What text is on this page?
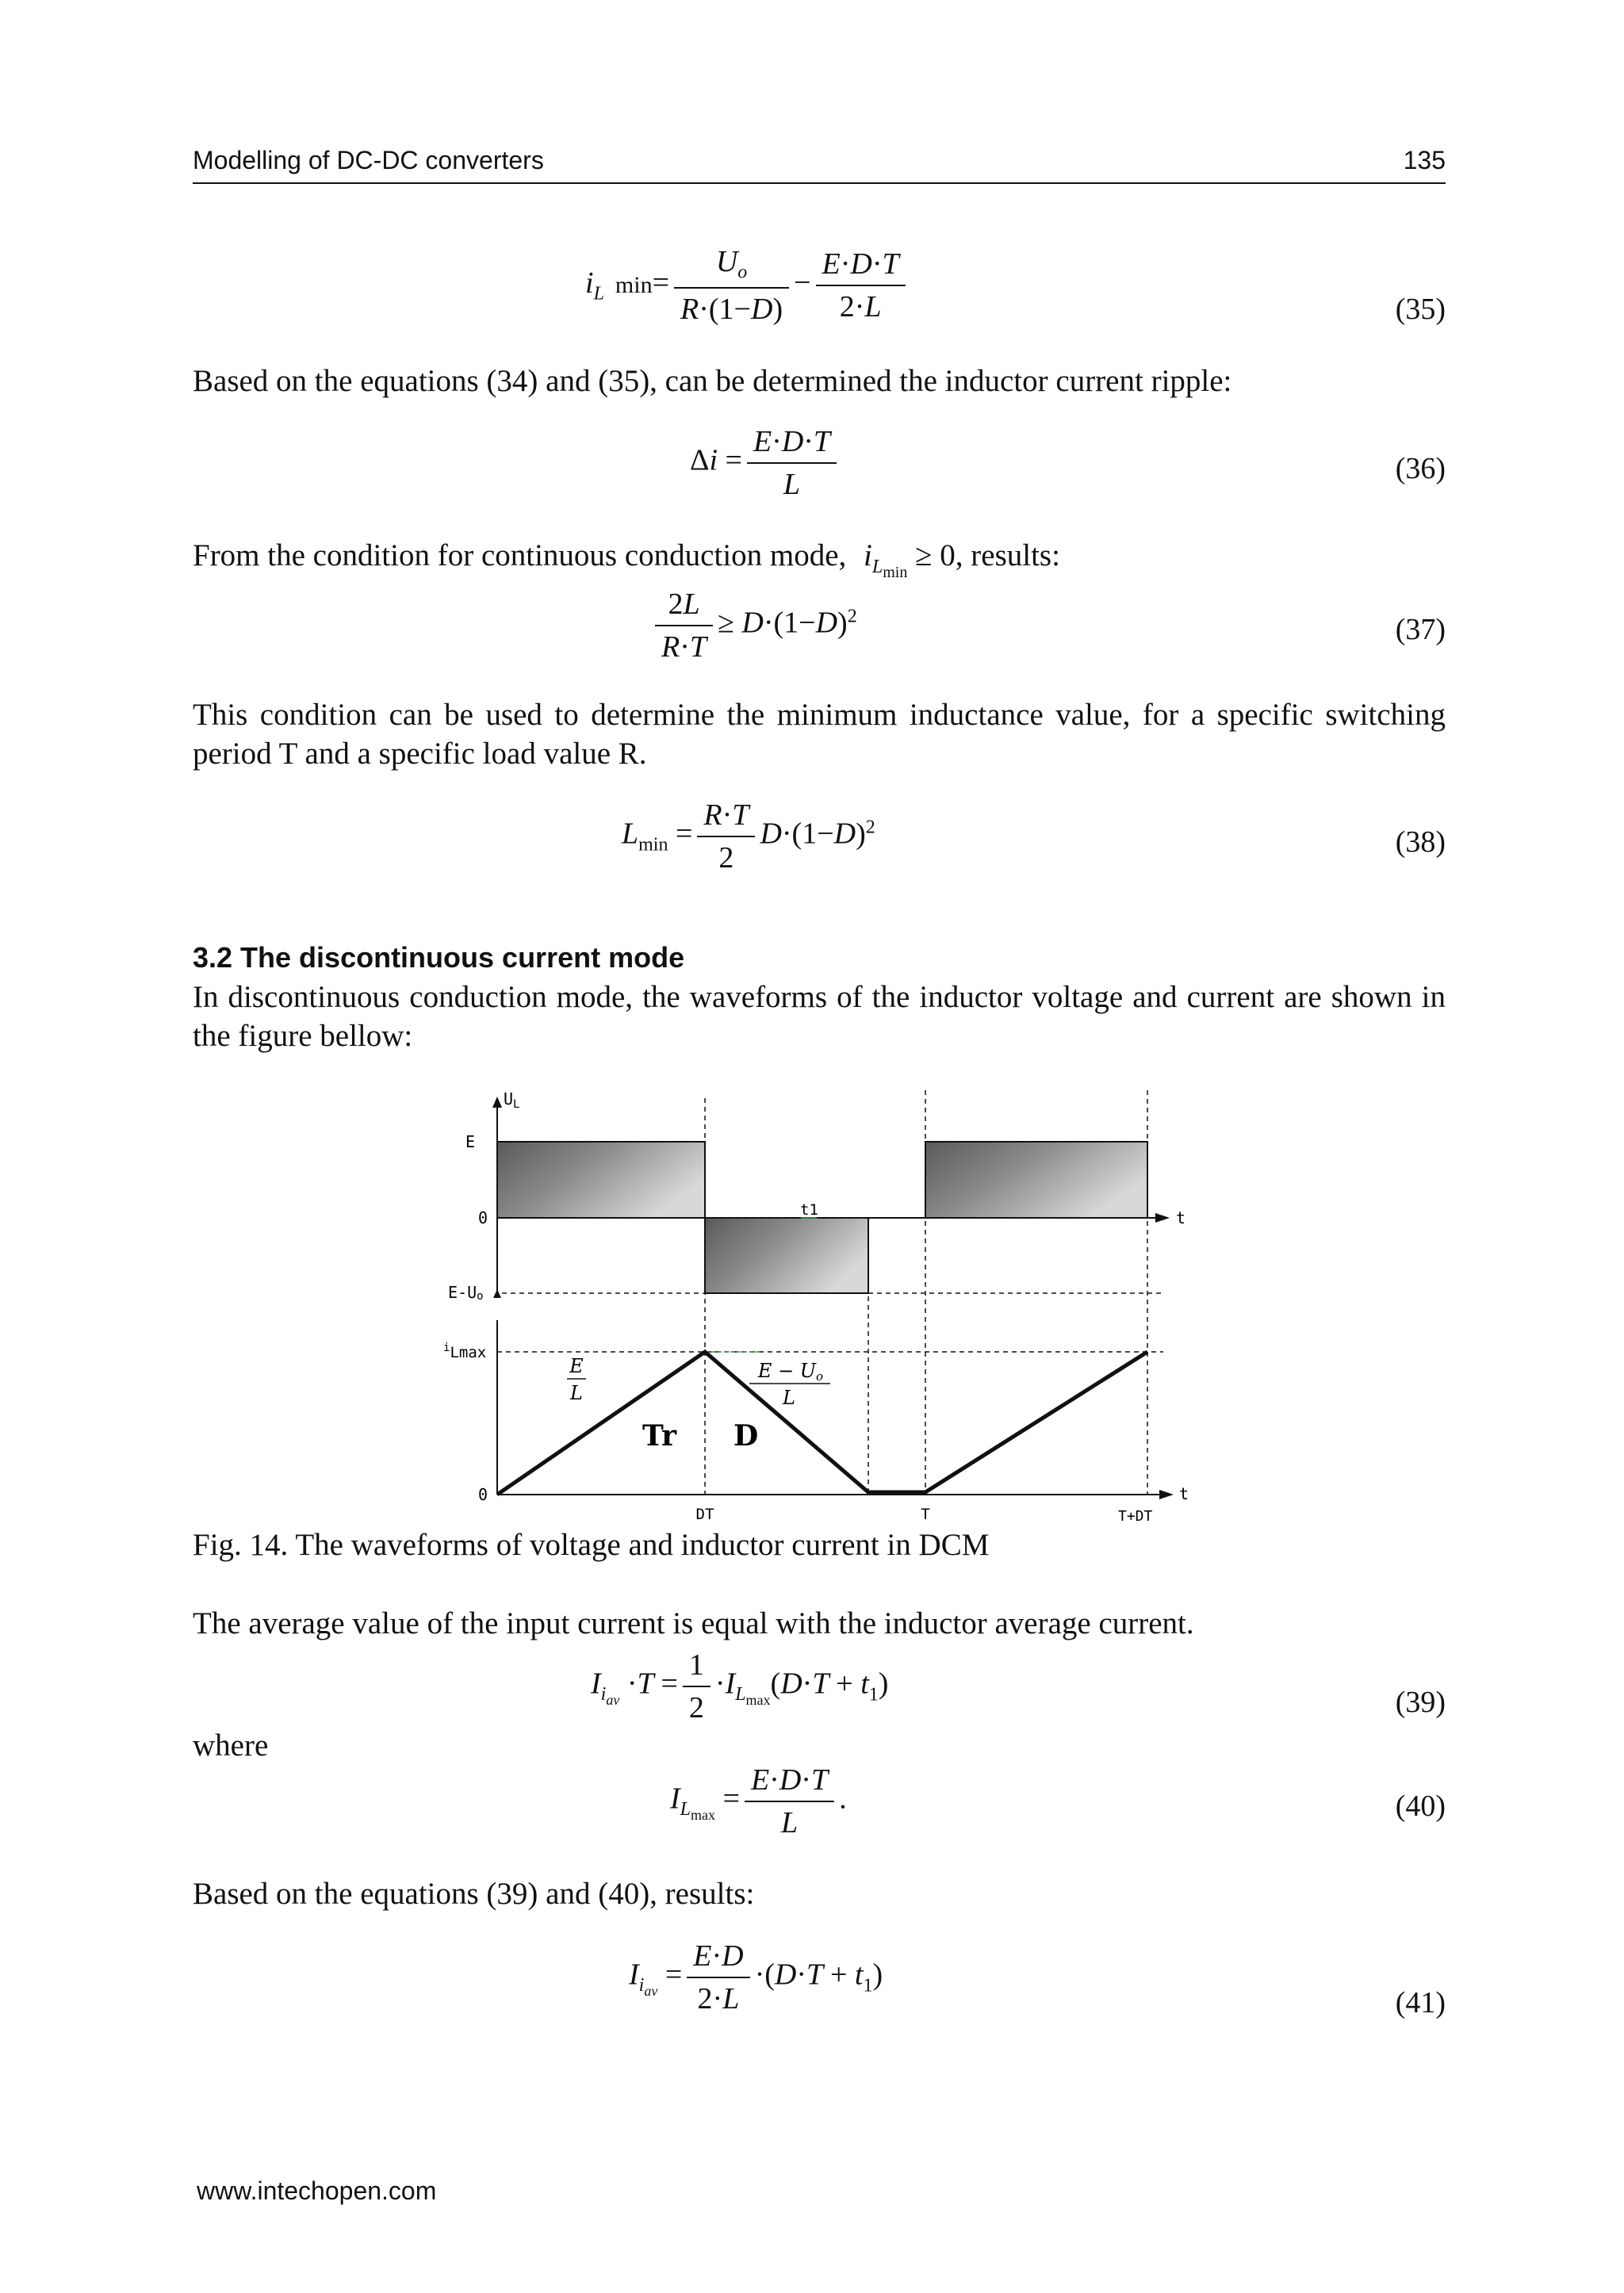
Modelling of DC-DC converters	135
$i_L$ $\min= \frac{U_o}{R\cdot(1-D)} - \frac{E\cdot D\cdot T}{2\cdot L}$	(35)
Based on the equations (34) and (35), can be determined the inductor current ripple:
$\Delta i = \frac{E\cdot D\cdot T}{L}$	(36)
From the condition for continuous conduction mode, $i_{L_{min}} \ge 0$, results:
$\frac{2L}{R\cdot T} \ge D\cdot(1-D)^2$	(37)
This condition can be used to determine the minimum inductance value, for a specific switching period T and a specific load value R.
$L_{min} = \frac{R\cdot T}{2} D\cdot(1-D)^2$	(38)
3.2 The discontinuous current mode
In discontinuous conduction mode, the waveforms of the inductor voltage and current are shown in the figure bellow:
$U_L$
E
0	t1	t
E-Uo
$^i$Lmax
E
L
E − Uo
L
Tr D
0
DT	T	T+DT
t
Fig. 14. The waveforms of voltage and inductor current in DCM
The average value of the input current is equal with the inductor average current.
$I_{i_{av}} \cdot T = \frac{1}{2} \cdot I_{L_{max}}(D\cdot T + t_1)$
(39)
where
$I_{L_{max}} = \frac{E\cdot D\cdot T}{L}$ .	(40)
Based on the equations (39) and (40), results:
$I_{i_{av}} = \frac{E\cdot D}{2\cdot L} \cdot(D\cdot T + t_1)$
(41)
www.intechopen.com
